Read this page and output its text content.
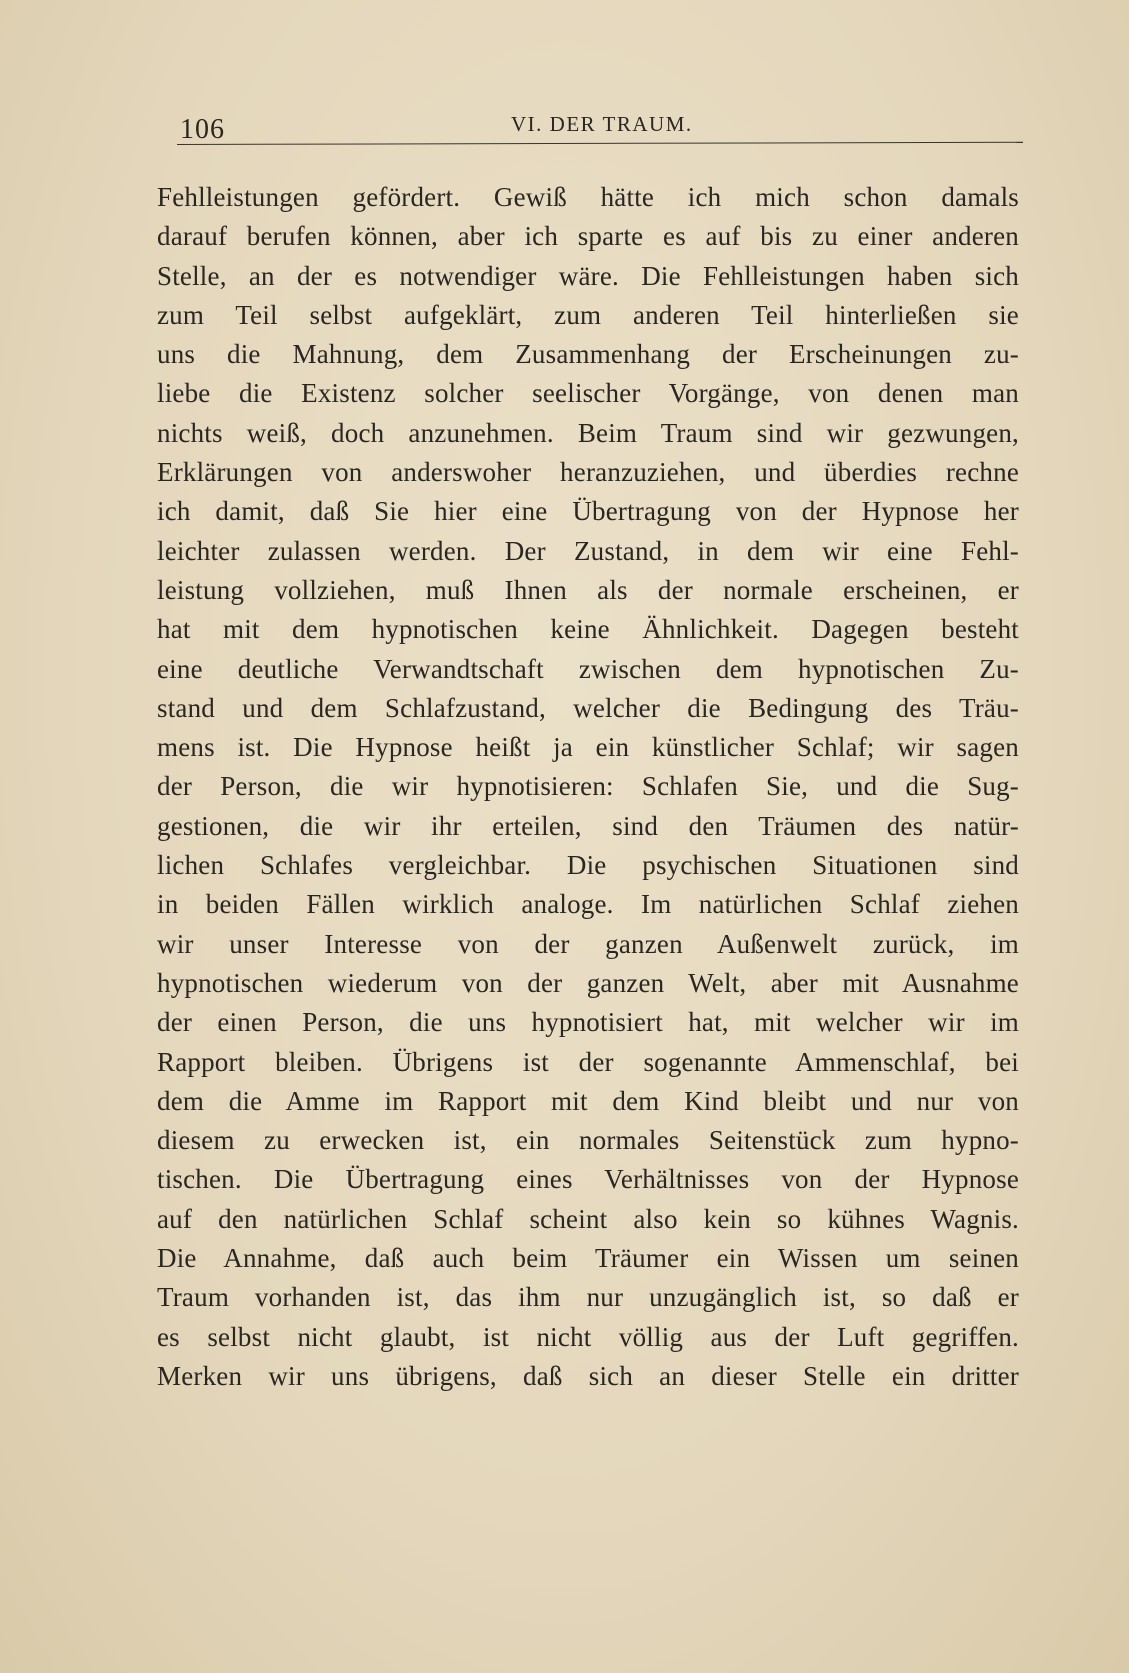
106	VI. DER TRAUM.
Fehlleistungen gefördert. Gewiß hätte ich mich schon damals
darauf berufen können, aber ich sparte es auf bis zu einer anderen
Stelle, an der es notwendiger wäre. Die Fehlleistungen haben sich
zum Teil selbst aufgeklärt, zum anderen Teil hinterließen sie
uns die Mahnung, dem Zusammenhang der Erscheinungen zu-
liebe die Existenz solcher seelischer Vorgänge, von denen man
nichts weiß, doch anzunehmen. Beim Traum sind wir gezwungen,
Erklärungen von anderswoher heranzuziehen, und überdies rechne
ich damit, daß Sie hier eine Übertragung von der Hypnose her
leichter zulassen werden. Der Zustand, in dem wir eine Fehl-
leistung vollziehen, muß Ihnen als der normale erscheinen, er
hat mit dem hypnotischen keine Ähnlichkeit. Dagegen besteht
eine deutliche Verwandtschaft zwischen dem hypnotischen Zu-
stand und dem Schlafzustand, welcher die Bedingung des Träu-
mens ist. Die Hypnose heißt ja ein künstlicher Schlaf; wir sagen
der Person, die wir hypnotisieren: Schlafen Sie, und die Sug-
gestionen, die wir ihr erteilen, sind den Träumen des natür-
lichen Schlafes vergleichbar. Die psychischen Situationen sind
in beiden Fällen wirklich analoge. Im natürlichen Schlaf ziehen
wir unser Interesse von der ganzen Außenwelt zurück, im
hypnotischen wiederum von der ganzen Welt, aber mit Ausnahme
der einen Person, die uns hypnotisiert hat, mit welcher wir im
Rapport bleiben. Übrigens ist der sogenannte Ammenschlaf, bei
dem die Amme im Rapport mit dem Kind bleibt und nur von
diesem zu erwecken ist, ein normales Seitenstück zum hypno-
tischen. Die Übertragung eines Verhältnisses von der Hypnose
auf den natürlichen Schlaf scheint also kein so kühnes Wagnis.
Die Annahme, daß auch beim Träumer ein Wissen um seinen
Traum vorhanden ist, das ihm nur unzugänglich ist, so daß er
es selbst nicht glaubt, ist nicht völlig aus der Luft gegriffen.
Merken wir uns übrigens, daß sich an dieser Stelle ein dritter
